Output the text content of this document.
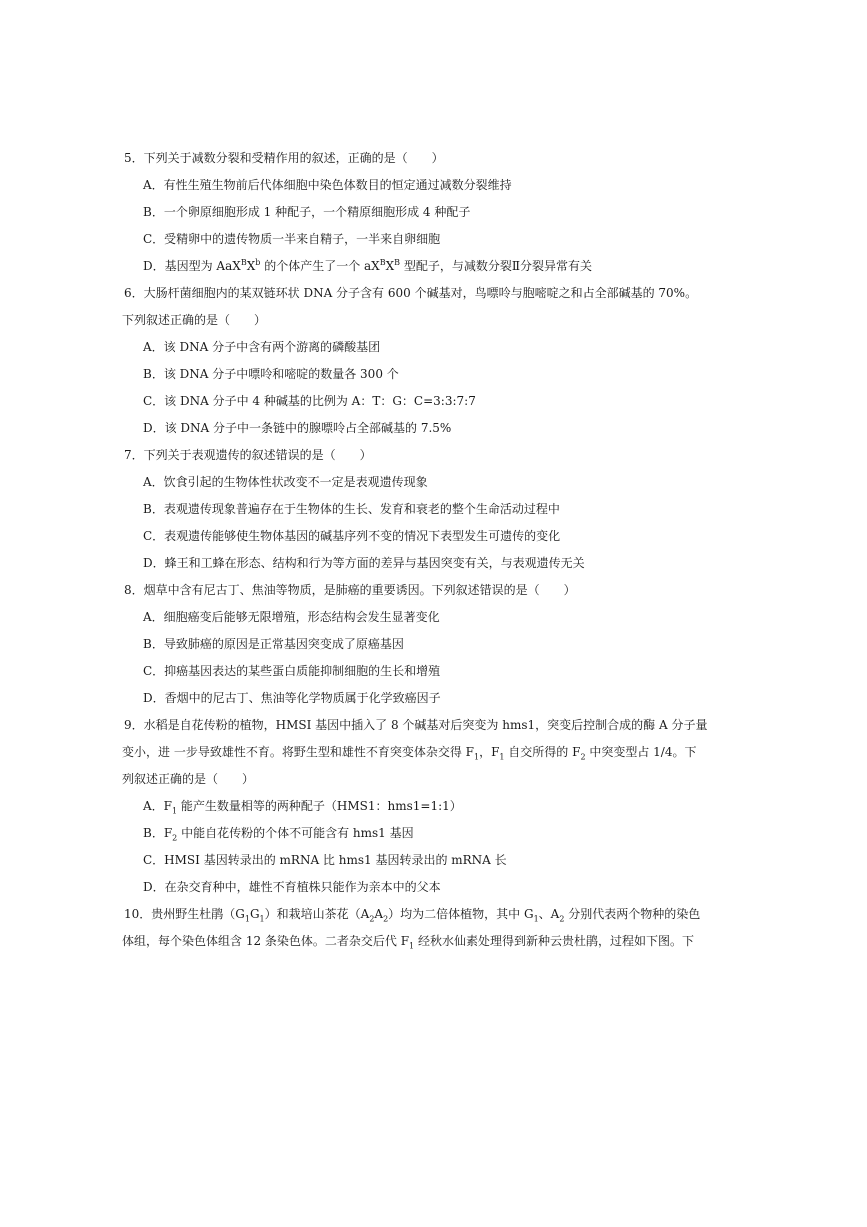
5．下列关于减数分裂和受精作用的叙述，正确的是（　　）
A．有性生殖生物前后代体细胞中染色体数目的恒定通过减数分裂维持
B．一个卵原细胞形成 1 种配子，一个精原细胞形成 4 种配子
C．受精卵中的遗传物质一半来自精子，一半来自卵细胞
D．基因型为 $AaX^BX^b$ 的个体产生了一个 $aX^BX^B$ 型配子，与减数分裂Ⅱ分裂异常有关
6．大肠杆菌细胞内的某双链环状 DNA 分子含有 600 个碱基对，鸟嘌呤与胞嘧啶之和占全部碱基的 70%。
下列叙述正确的是（　　）
A．该 DNA 分子中含有两个游离的磷酸基团
B．该 DNA 分子中嘌呤和嘧啶的数量各 300 个
C．该 DNA 分子中 4 种碱基的比例为 A：T：G：C=3:3:7:7
D．该 DNA 分子中一条链中的腺嘌呤占全部碱基的 7.5%
7．下列关于表观遗传的叙述错误的是（　　）
A．饮食引起的生物体性状改变不一定是表观遗传现象
B．表观遗传现象普遍存在于生物体的生长、发育和衰老的整个生命活动过程中
C．表观遗传能够使生物体基因的碱基序列不变的情况下表型发生可遗传的变化
D．蜂王和工蜂在形态、结构和行为等方面的差异与基因突变有关，与表观遗传无关
8．烟草中含有尼古丁、焦油等物质，是肺癌的重要诱因。下列叙述错误的是（　　）
A．细胞癌变后能够无限增殖，形态结构会发生显著变化
B．导致肺癌的原因是正常基因突变成了原癌基因
C．抑癌基因表达的某些蛋白质能抑制细胞的生长和增殖
D．香烟中的尼古丁、焦油等化学物质属于化学致癌因子
9．水稻是自花传粉的植物，HMSI 基因中插入了 8 个碱基对后突变为 hms1，突变后控制合成的酶 A 分子量
变小，进 一步导致雄性不育。将野生型和雄性不育突变体杂交得 $F_1$，$F_1$ 自交所得的 $F_2$ 中突变型占 1/4。下
列叙述正确的是（　　）
A．$F_1$ 能产生数量相等的两种配子（HMS1：hms1=1:1）
B．$F_2$ 中能自花传粉的个体不可能含有 hms1 基因
C．HMSI 基因转录出的 mRNA 比 hms1 基因转录出的 mRNA 长
D．在杂交育种中，雄性不育植株只能作为亲本中的父本
10．贵州野生杜鹃$(G_1G_1)$和栽培山茶花$(A_2A_2)$均为二倍体植物，其中 $G_1$、$A_2$ 分别代表两个物种的染色
体组，每个染色体组含 12 条染色体。二者杂交后代 $F_1$ 经秋水仙素处理得到新种云贵杜鹃，过程如下图。下
